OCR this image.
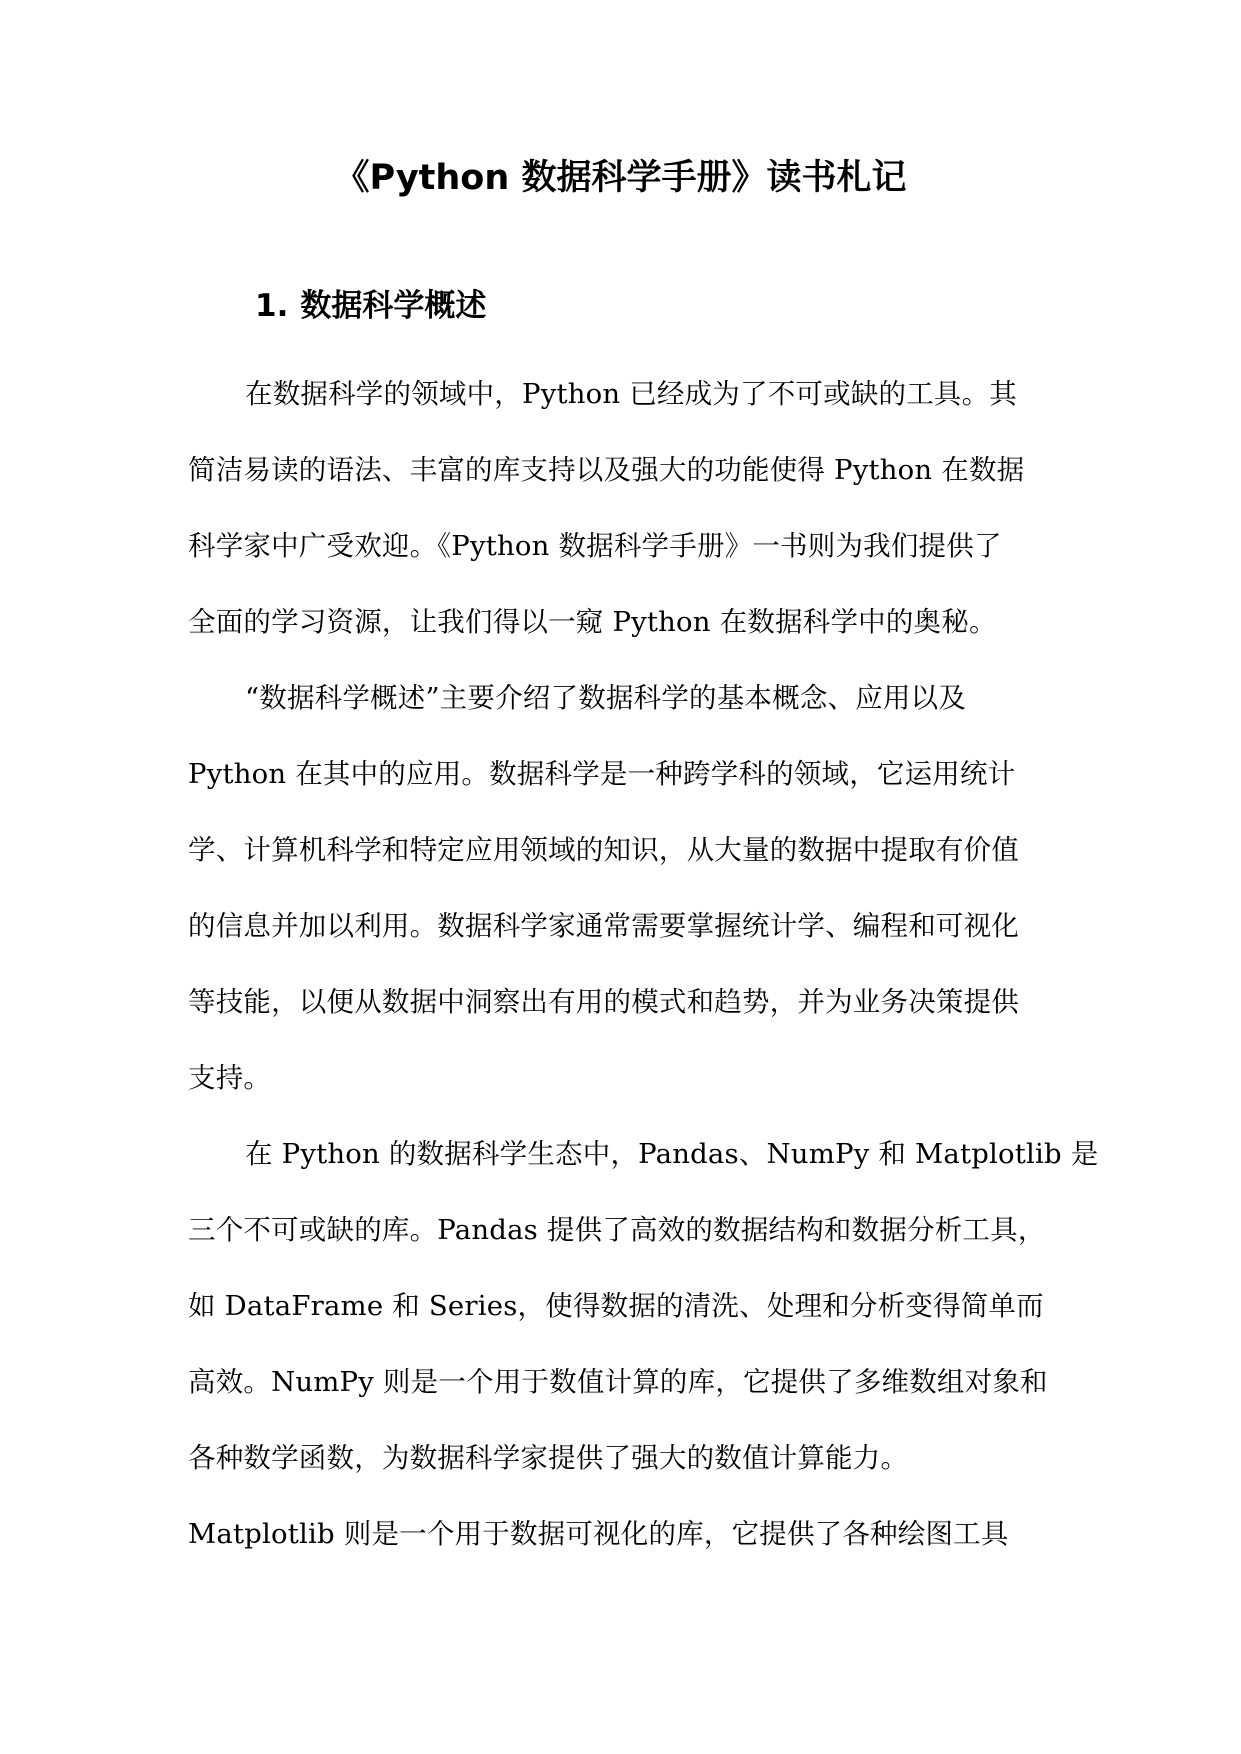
《Python 数据科学手册》读书札记
1. 数据科学概述
在数据科学的领域中，Python 已经成为了不可或缺的工具。其
简洁易读的语法、丰富的库支持以及强大的功能使得 Python 在数据
科学家中广受欢迎。《Python 数据科学手册》一书则为我们提供了
全面的学习资源，让我们得以一窥 Python 在数据科学中的奥秘。
“数据科学概述”主要介绍了数据科学的基本概念、应用以及
Python 在其中的应用。数据科学是一种跨学科的领域，它运用统计
学、计算机科学和特定应用领域的知识，从大量的数据中提取有价值
的信息并加以利用。数据科学家通常需要掌握统计学、编程和可视化
等技能，以便从数据中洞察出有用的模式和趋势，并为业务决策提供
支持。
在 Python 的数据科学生态中，Pandas、NumPy 和 Matplotlib 是
三个不可或缺的库。Pandas 提供了高效的数据结构和数据分析工具，
如 DataFrame 和 Series，使得数据的清洗、处理和分析变得简单而
高效。NumPy 则是一个用于数值计算的库，它提供了多维数组对象和
各种数学函数，为数据科学家提供了强大的数值计算能力。
Matplotlib 则是一个用于数据可视化的库，它提供了各种绘图工具
